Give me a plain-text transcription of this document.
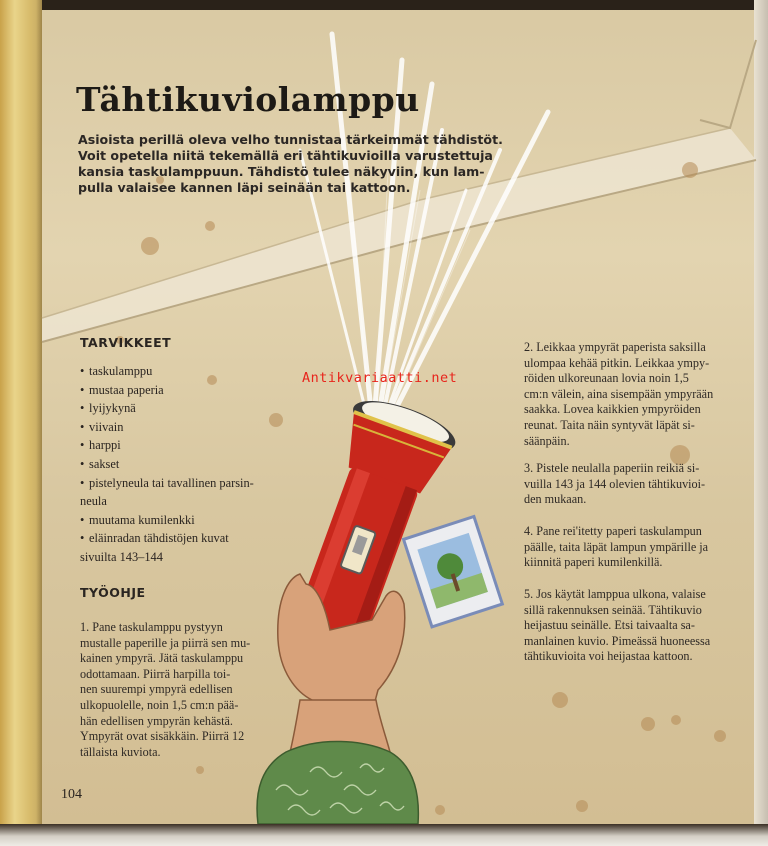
Tähtikuviolamppu
Asioista perillä oleva velho tunnistaa tärkeimmät tähdistöt.
Voit opetella niitä tekemällä eri tähtikuvioilla varustettuja
kansia taskulamppuun. Tähdistö tulee näkyviin, kun lam-
pulla valaisee kannen läpi seinään tai kattoon.
TARVIKKEET
• taskulamppu
• mustaa paperia
• lyijykynä
• viivain
• harppi
• sakset
• pistelyneula tai tavallinen parsin-
neula
• muutama kumilenkki
• eläinradan tähdistöjen kuvat
sivuilta 143–144
TYÖOHJE
1. Pane taskulamppu pystyyn
mustalle paperille ja piirrä sen mu-
kainen ympyrä. Jätä taskulamppu
odottamaan. Piirrä harpilla toi-
nen suurempi ympyrä edellisen
ulkopuolelle, noin 1,5 cm:n pää-
hän edellisen ympyrän kehästä.
Ympyrät ovat sisäkkäin. Piirrä 12
tällaista kuviota.
2. Leikkaa ympyrät paperista saksilla
ulompaa kehää pitkin. Leikkaa ympy-
röiden ulkoreunaan lovia noin 1,5
cm:n välein, aina sisempään ympyrään
saakka. Lovea kaikkien ympyröiden
reunat. Taita näin syntyvät läpät si-
säänpäin.
3. Pistele neulalla paperiin reikiä si-
vuilla 143 ja 144 olevien tähtikuvioi-
den mukaan.
4. Pane rei'itetty paperi taskulampun
päälle, taita läpät lampun ympärille ja
kiinnitä paperi kumilenkillä.
5. Jos käytät lamppua ulkona, valaise
sillä rakennuksen seinää. Tähtikuvio
heijastuu seinälle. Etsi taivaalta sa-
manlainen kuvio. Pimeässä huoneessa
tähtikuvioita voi heijastaa kattoon.
Antikvariaatti.net
104
